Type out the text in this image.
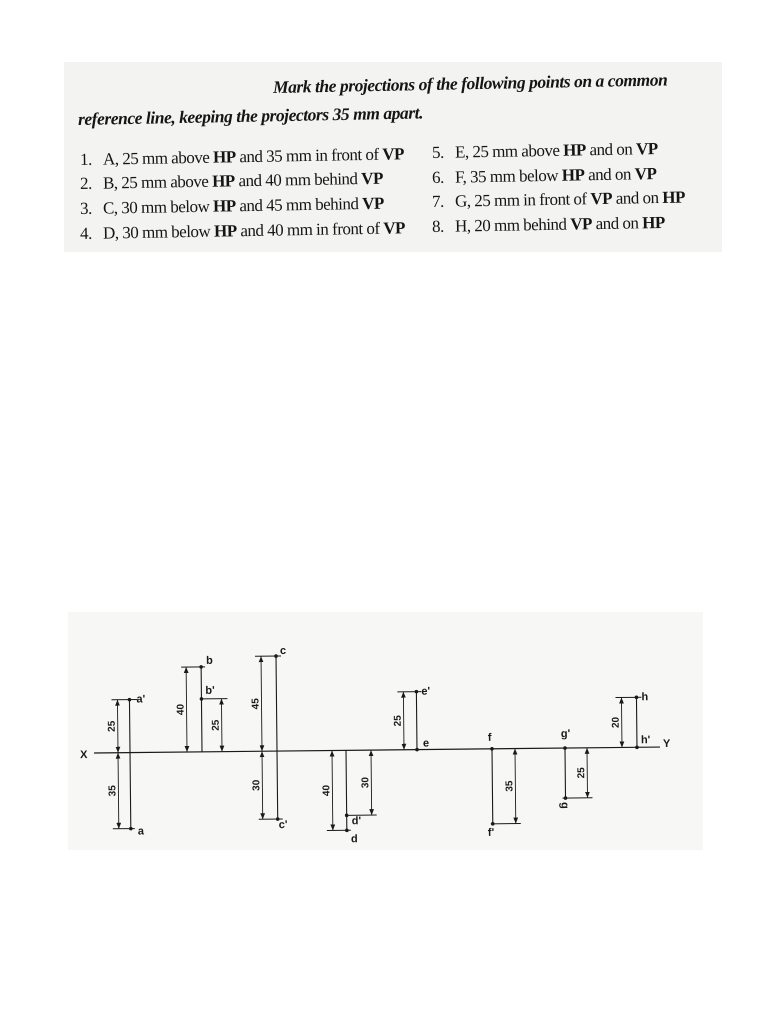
Mark the projections of the following points on a common
reference line, keeping the projectors 35 mm apart.
1. A, 25 mm above HP and 35 mm in front of VP
2. B, 25 mm above HP and 40 mm behind VP
3. C, 30 mm below HP and 45 mm behind VP
4. D, 30 mm below HP and 40 mm in front of VP
5. E, 25 mm above HP and on VP
6. F, 35 mm below HP and on VP
7. G, 25 mm in front of VP and on HP
8. H, 20 mm behind VP and on HP
X
Y
a'
a
25
35
b
b'
40
25
c
c'
45
30
d'
d
40
30
e'
e
25
f
f'
35
g'
g
25
h
h'
20
